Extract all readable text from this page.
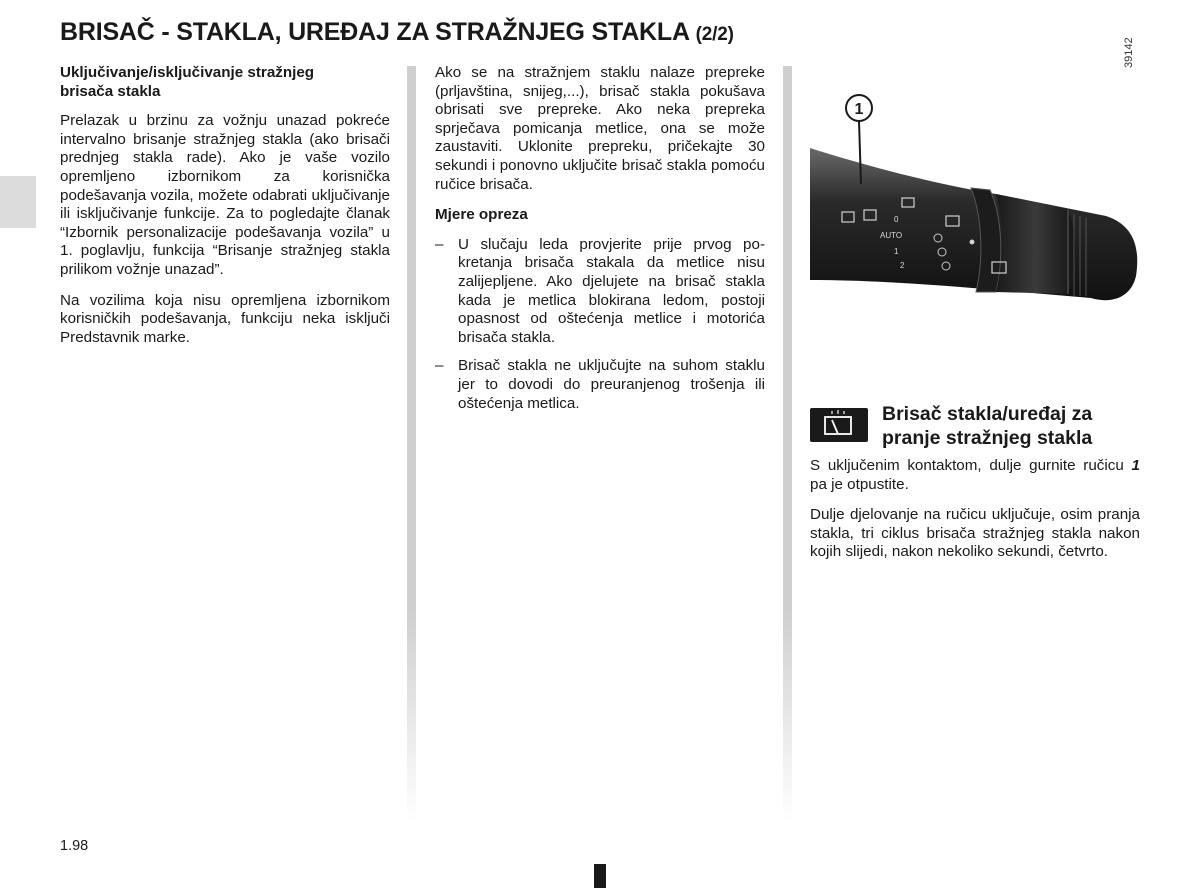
BRISAČ - STAKLA, UREĐAJ ZA STRAŽNJEG STAKLA (2/2)
Uključivanje/isključivanje stražnjeg
brisača stakla

Prelazak u brzinu za vožnju unazad pokreće intervalno brisanje stražnjeg stakla (ako brisači prednjeg stakla rade). Ako je vaše vozilo opremljeno izbornikom za korisnička podešavanja vozila, možete odabrati uključivanje ili isključivanje funkcije. Za to pogledajte članak “Izbornik personalizacije podešavanja vozila” u 1. poglavlju, funkcija “Brisanje stražnjeg stakla prilikom vožnje unazad”.

Na vozilima koja nisu opremljena izbornikom korisničkih podešavanja, funkciju neka isključi Predstavnik marke.

Ako se na stražnjem staklu nalaze prepreke (prljavština, snijeg,...), brisač stakla pokušava obrisati sve prepreke. Ako neka prepreka sprječava pomicanja metlice, ona se može zaustaviti. Uklonite prepreku, pričekajte 30 sekundi i ponovno uključite brisač stakla pomoću ručice brisača.

Mjere opreza
– U slučaju leda provjerite prije prvog pokretanja brisača stakala da metlice nisu zalijepljene. Ako djelujete na brisač stakla kada je metlica blokirana ledom, postoji opasnost od oštećenja metlice i motorića brisača stakla.
– Brisač stakla ne uključujte na suhom staklu jer to dovodi do preuranjenog trošenja ili oštećenja metlica.
0
AUTO
1
2
1
39142
Brisač stakla/uređaj za
pranje stražnjeg stakla

S uključenim kontaktom, dulje gurnite ručicu 1 pa je otpustite.

Dulje djelovanje na ručicu uključuje, osim pranja stakla, tri ciklus brisača stražnjeg stakla nakon kojih slijedi, nakon nekoliko sekundi, četvrto.

1.98
